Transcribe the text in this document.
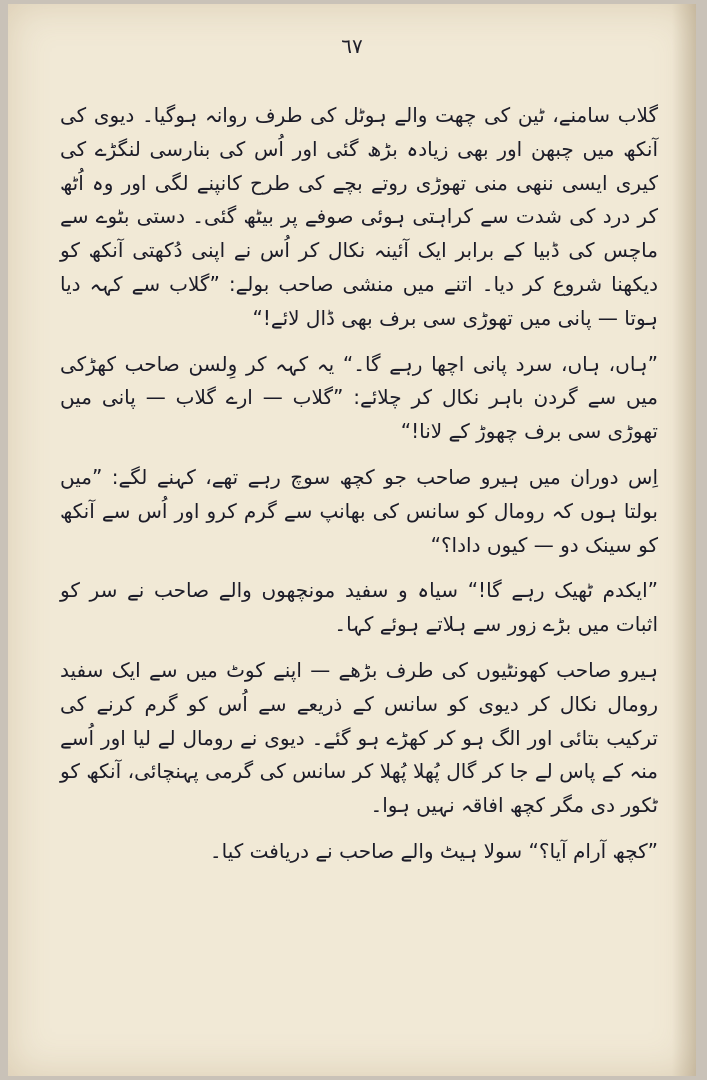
٦٧

گلاب سامنے، ٹین کی چھت والے ہوٹل کی طرف روانہ ہوگیا۔ دیوی کی آنکھ میں چبھن اور بھی زیادہ بڑھ گئی اور اُس کی بنارسی لنگڑے کی کیری ایسی ننھی منی تھوڑی روتے بچے کی طرح کانپنے لگی اور وہ اُٹھ کر درد کی شدت سے کراہتی ہوئی صوفے پر بیٹھ گئی۔ دستی بٹوے سے ماچس کی ڈبیا کے برابر ایک آئینہ نکال کر اُس نے اپنی دُکھتی آنکھ کو دیکھنا شروع کر دیا۔ اتنے میں منشی صاحب بولے: ”گلاب سے کہہ دیا ہوتا — پانی میں تھوڑی سی برف بھی ڈال لائے!“

”ہاں، ہاں، سرد پانی اچھا رہے گا۔“ یہ کہہ کر وِلسن صاحب کھڑکی میں سے گردن باہر نکال کر چلائے: ”گلاب — ارے گلاب — پانی میں تھوڑی سی برف چھوڑ کے لانا!“

اِس دوران میں ہیرو صاحب جو کچھ سوچ رہے تھے، کہنے لگے: ”میں بولتا ہوں کہ رومال کو سانس کی بھانپ سے گرم کرو اور اُس سے آنکھ کو سینک دو — کیوں دادا؟“

”ایکدم ٹھیک رہے گا!“ سیاہ و سفید مونچھوں والے صاحب نے سر کو اثبات میں بڑے زور سے ہلاتے ہوئے کہا۔

ہیرو صاحب کھونٹیوں کی طرف بڑھے — اپنے کوٹ میں سے ایک سفید رومال نکال کر دیوی کو سانس کے ذریعے سے اُس کو گرم کرنے کی ترکیب بتائی اور الگ ہو کر کھڑے ہو گئے۔ دیوی نے رومال لے لیا اور اُسے منہ کے پاس لے جا کر گال پُھلا پُھلا کر سانس کی گرمی پہنچائی، آنکھ کو ٹکور دی مگر کچھ افاقہ نہیں ہوا۔

”کچھ آرام آیا؟“ سولا ہیٹ والے صاحب نے دریافت کیا۔
